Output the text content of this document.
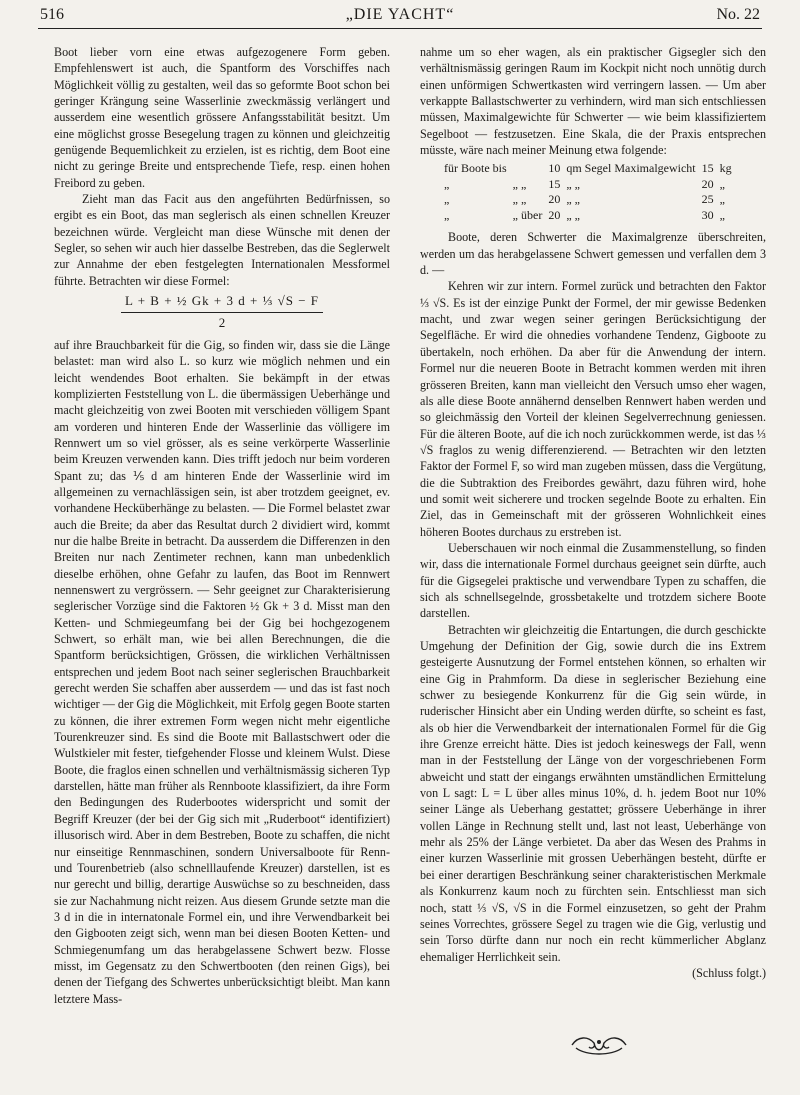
516	„DIE YACHT“	No. 22

Boot lieber vorn eine etwas aufgezogenere Form geben. Empfehlenswert ist auch, die Spantform des Vorschiffes nach Möglichkeit völlig zu gestalten, weil das so geformte Boot schon bei geringer Krängung seine Wasserlinie zweckmässig verlängert und ausserdem eine wesentlich grössere Anfangsstabilität besitzt. Um eine möglichst grosse Besegelung tragen zu können und gleichzeitig genügende Bequemlichkeit zu erzielen, ist es richtig, dem Boot eine nicht zu geringe Breite und entsprechende Tiefe, resp. einen hohen Freibord zu geben.

Zieht man das Facit aus den angeführten Bedürfnissen, so ergibt es ein Boot, das man seglerisch als einen schnellen Kreuzer bezeichnen würde. Vergleicht man diese Wünsche mit denen der Segler, so sehen wir auch hier dasselbe Bestreben, das die Seglerwelt zur Annahme der eben festgelegten Internationalen Messformel führte. Betrachten wir diese Formel:

L + B + ½ Gk + 3 d + ⅓ √S − F
2

auf ihre Brauchbarkeit für die Gig, so finden wir, dass sie die Länge belastet: man wird also L. so kurz wie möglich nehmen und ein leicht wendendes Boot erhalten. Sie bekämpft in der etwas komplizierten Feststellung von L. die übermässigen Ueberhänge und macht gleichzeitig von zwei Booten mit verschieden völligem Spant am vorderen und hinteren Ende der Wasserlinie das völligere im Rennwert um so viel grösser, als es seine verkörperte Wasserlinie beim Kreuzen verwenden kann. Dies trifft jedoch nur beim vorderen Spant zu; das ⅕ d am hinteren Ende der Wasserlinie wird im allgemeinen zu vernachlässigen sein, ist aber trotzdem geeignet, ev. vorhandene Hecküberhänge zu belasten. — Die Formel belastet zwar auch die Breite; da aber das Resultat durch 2 dividiert wird, kommt nur die halbe Breite in betracht. Da ausserdem die Differenzen in den Breiten nur nach Zentimeter rechnen, kann man unbedenklich dieselbe erhöhen, ohne Gefahr zu laufen, das Boot im Rennwert nennenswert zu vergrössern. — Sehr geeignet zur Charakterisierung seglerischer Vorzüge sind die Faktoren ½ Gk + 3 d. Misst man den Ketten- und Schmiegeumfang bei der Gig bei hochgezogenem Schwert, so erhält man, wie bei allen Berechnungen, die die Spantform berücksichtigen, Grössen, die wirklichen Verhältnissen entsprechen und jedem Boot nach seiner seglerischen Brauchbarkeit gerecht werden Sie schaffen aber ausserdem — und das ist fast noch wichtiger — der Gig die Möglichkeit, mit Erfolg gegen Boote starten zu können, die ihrer extremen Form wegen nicht mehr eigentliche Tourenkreuzer sind. Es sind die Boote mit Ballastschwert oder die Wulstkieler mit fester, tiefgehender Flosse und kleinem Wulst. Diese Boote, die fraglos einen schnellen und verhältnismässig sicheren Typ darstellen, hätte man früher als Rennboote klassifiziert, da ihre Form den Bedingungen des Ruderbootes widerspricht und somit der Begriff Kreuzer (der bei der Gig sich mit „Ruderboot“ identifiziert) illusorisch wird. Aber in dem Bestreben, Boote zu schaffen, die nicht nur einseitige Rennmaschinen, sondern Universalboote für Renn- und Tourenbetrieb (also schnelllaufende Kreuzer) darstellen, ist es nur gerecht und billig, derartige Auswüchse so zu beschneiden, dass sie zur Nachahmung nicht reizen. Aus diesem Grunde setzte man die 3 d in die in internatonale Formel ein, und ihre Verwendbarkeit bei den Gigbooten zeigt sich, wenn man bei diesen Booten Ketten- und Schmiegenumfang um das herabgelassene Schwert bezw. Flosse misst, im Gegensatz zu den Schwertbooten (den reinen Gigs), bei denen der Tiefgang des Schwertes unberücksichtigt bleibt. Man kann letztere Mass-

nahme um so eher wagen, als ein praktischer Gigsegler sich den verhältnismässig geringen Raum im Kockpit nicht noch unnötig durch einen unförmigen Schwertkasten wird verringern lassen. — Um aber verkappte Ballastschwerter zu verhindern, wird man sich entschliessen müssen, Maximalgewichte für Schwerter — wie beim klassifiziertem Segelboot — festzusetzen. Eine Skala, die der Praxis entsprechen müsste, wäre nach meiner Meinung etwa folgende:

für Boote bis		10	qm Segel Maximalgewicht	15	kg
„	„ „	15	„ „	20	„
„	„ „	20	„ „	25	„
„	„ über	20	„ „	30	„

Boote, deren Schwerter die Maximalgrenze überschreiten, werden um das herabgelassene Schwert gemessen und verfallen dem 3 d. —

Kehren wir zur intern. Formel zurück und betrachten den Faktor ⅓ √S. Es ist der einzige Punkt der Formel, der mir gewisse Bedenken macht, und zwar wegen seiner geringen Berücksichtigung der Segelfläche. Er wird die ohnedies vorhandene Tendenz, Gigboote zu übertakeln, noch erhöhen. Da aber für die Anwendung der intern. Formel nur die neueren Boote in Betracht kommen werden mit ihren grösseren Breiten, kann man vielleicht den Versuch umso eher wagen, als alle diese Boote annähernd denselben Rennwert haben werden und so gleichmässig den Vorteil der kleinen Segelverrechnung geniessen. Für die älteren Boote, auf die ich noch zurückkommen werde, ist das ⅓ √S fraglos zu wenig differenzierend. — Betrachten wir den letzten Faktor der Formel F, so wird man zugeben müssen, dass die Vergütung, die die Subtraktion des Freibordes gewährt, dazu führen wird, hohe und somit weit sicherere und trocken segelnde Boote zu erhalten. Ein Ziel, das in Gemeinschaft mit der grösseren Wohnlichkeit eines höheren Bootes durchaus zu erstreben ist.

Ueberschauen wir noch einmal die Zusammenstellung, so finden wir, dass die internationale Formel durchaus geeignet sein dürfte, auch für die Gigsegelei praktische und verwendbare Typen zu schaffen, die sich als schnellsegelnde, grossbetakelte und trotzdem sichere Boote darstellen.

Betrachten wir gleichzeitig die Entartungen, die durch geschickte Umgehung der Definition der Gig, sowie durch die ins Extrem gesteigerte Ausnutzung der Formel entstehen können, so erhalten wir eine Gig in Prahmform. Da diese in seglerischer Beziehung eine schwer zu besiegende Konkurrenz für die Gig sein würde, in ruderischer Hinsicht aber ein Unding werden dürfte, so scheint es fast, als ob hier die Verwendbarkeit der internationalen Formel für die Gig ihre Grenze erreicht hätte. Dies ist jedoch keineswegs der Fall, wenn man in der Feststellung der Länge von der vorgeschriebenen Form abweicht und statt der eingangs erwähnten umständlichen Ermittelung von L sagt: L = L über alles minus 10%, d. h. jedem Boot nur 10% seiner Länge als Ueberhang gestattet; grössere Ueberhänge in ihrer vollen Länge in Rechnung stellt und, last not least, Ueberhänge von mehr als 25% der Länge verbietet. Da aber das Wesen des Prahms in einer kurzen Wasserlinie mit grossen Ueberhängen besteht, dürfte er bei einer derartigen Beschränkung seiner charakteristischen Merkmale als Konkurrenz kaum noch zu fürchten sein. Entschliesst man sich noch, statt ⅓ √S, √S in die Formel einzusetzen, so geht der Prahm seines Vorrechtes, grössere Segel zu tragen wie die Gig, verlustig und sein Torso dürfte dann nur noch ein recht kümmerlicher Abglanz ehemaliger Herrlichkeit sein.

(Schluss folgt.)
